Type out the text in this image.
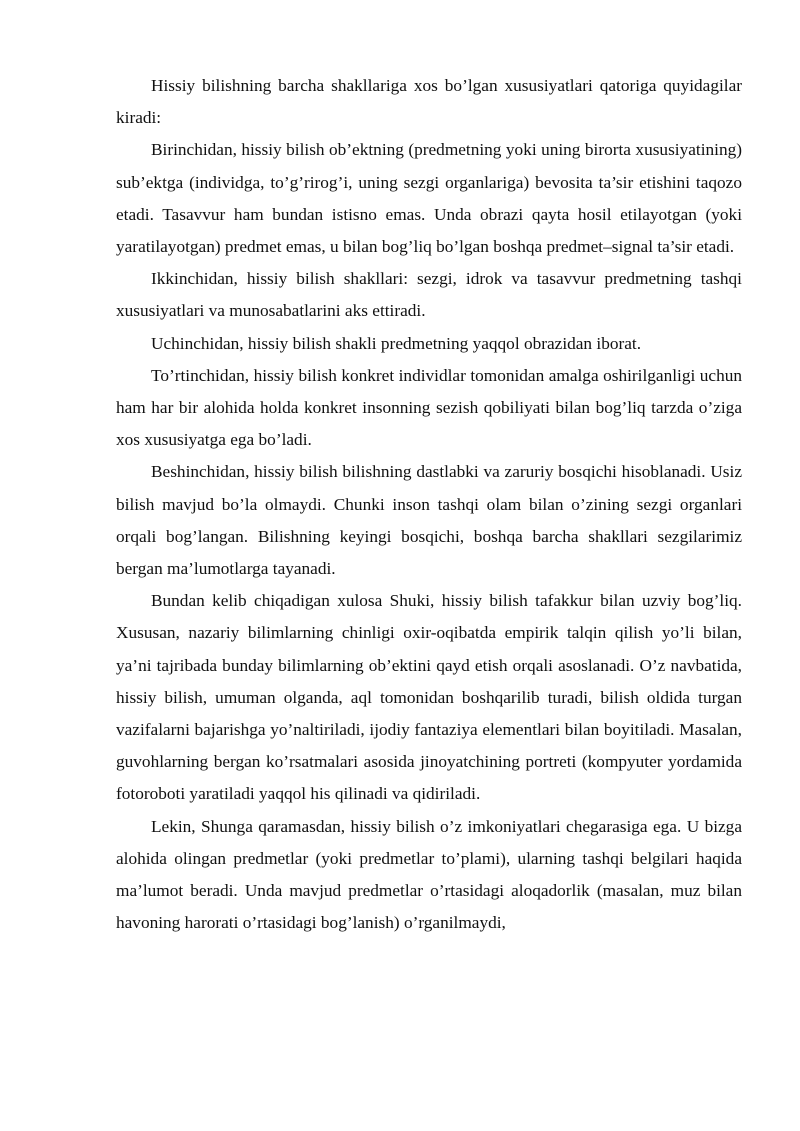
Hissiy bilishning barcha shakllariga xos bo’lgan xususiyatlari qatoriga quyidagilar kiradi:

Birinchidan, hissiy bilish ob’ektning (predmetning yoki uning birorta xususiyatining) sub’ektga (individga, to’g’rirog’i, uning sezgi organlariga) bevosita ta’sir etishini taqozo etadi. Tasavvur ham bundan istisno emas. Unda obrazi qayta hosil etilayotgan (yoki yaratilayotgan) predmet emas, u bilan bog’liq bo’lgan boshqa predmet–signal ta’sir etadi.

Ikkinchidan, hissiy bilish shakllari: sezgi, idrok va tasavvur predmetning tashqi xususiyatlari va munosabatlarini aks ettiradi.

Uchinchidan, hissiy bilish shakli predmetning yaqqol obrazidan iborat.

To’rtinchidan, hissiy bilish konkret individlar tomonidan amalga oshirilganligi uchun ham har bir alohida holda konkret insonning sezish qobiliyati bilan bog’liq tarzda o’ziga xos xususiyatga ega bo’ladi.

Beshinchidan, hissiy bilish bilishning dastlabki va zaruriy bosqichi hisoblanadi. Usiz bilish mavjud bo’la olmaydi. Chunki inson tashqi olam bilan o’zining sezgi organlari orqali bog’langan. Bilishning keyingi bosqichi, boshqa barcha shakllari sezgilarimiz bergan ma’lumotlarga tayanadi.

Bundan kelib chiqadigan xulosa Shuki, hissiy bilish tafakkur bilan uzviy bog’liq. Xususan, nazariy bilimlarning chinligi oxir-oqibatda empirik talqin qilish yo’li bilan, ya’ni tajribada bunday bilimlarning ob’ektini qayd etish orqali asoslanadi. O’z navbatida, hissiy bilish, umuman olganda, aql tomonidan boshqarilib turadi, bilish oldida turgan vazifalarni bajarishga yo’naltiriladi, ijodiy fantaziya elementlari bilan boyitiladi. Masalan, guvohlarning bergan ko’rsatmalari asosida jinoyatchining portreti (kompyuter yordamida fotoroboti yaratiladi yaqqol his qilinadi va qidiriladi.

Lekin, Shunga qaramasdan, hissiy bilish o’z imkoniyatlari chegarasiga ega. U bizga alohida olingan predmetlar (yoki predmetlar to’plami), ularning tashqi belgilari haqida ma’lumot beradi. Unda mavjud predmetlar o’rtasidagi aloqadorlik (masalan, muz bilan havoning harorati o’rtasidagi bog’lanish) o’rganilmaydi,
